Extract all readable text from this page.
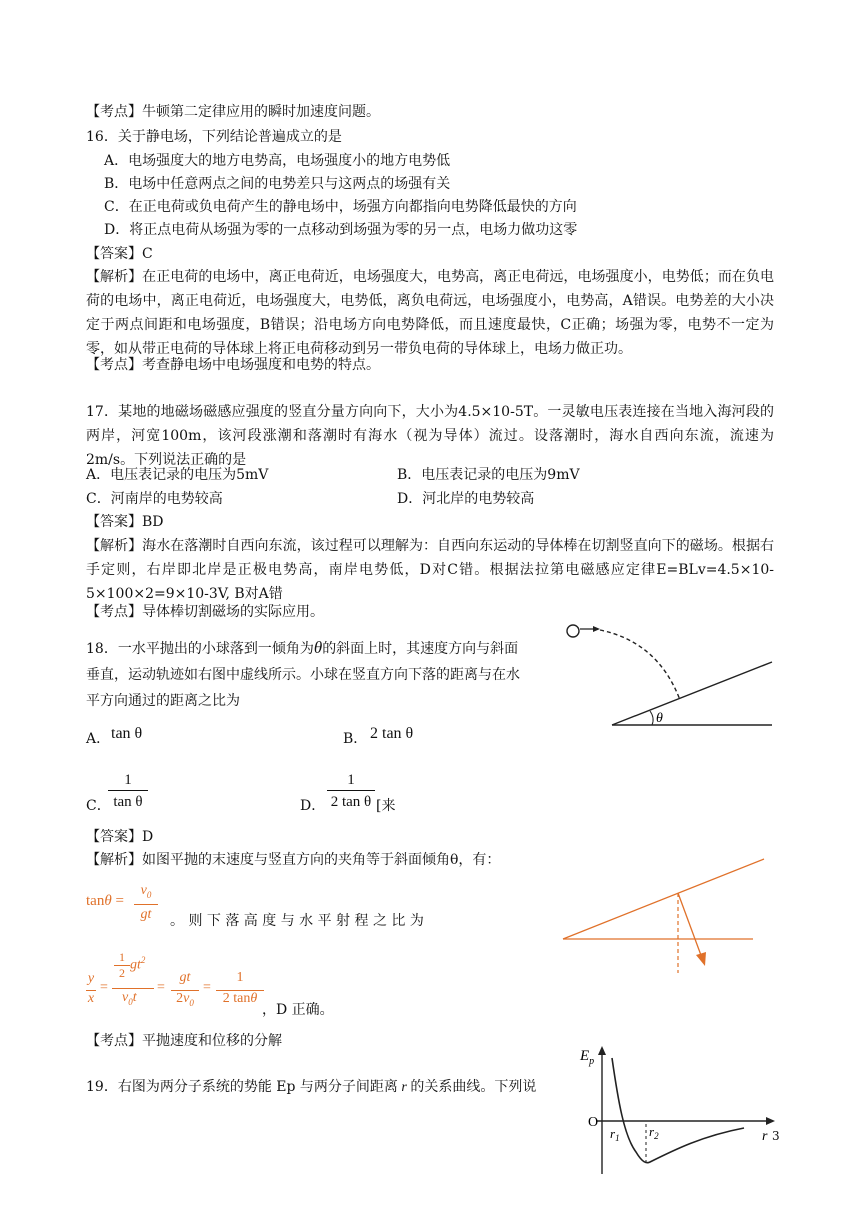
【考点】牛顿第二定律应用的瞬时加速度问题。
16．关于静电场，下列结论普遍成立的是
A．电场强度大的地方电势高，电场强度小的地方电势低
B．电场中任意两点之间的电势差只与这两点的场强有关
C．在正电荷或负电荷产生的静电场中，场强方向都指向电势降低最快的方向
D．将正点电荷从场强为零的一点移动到场强为零的另一点，电场力做功这零
【答案】C
【解析】在正电荷的电场中，离正电荷近，电场强度大，电势高，离正电荷远，电场强度小，电势低；而在负电荷的电场中，离正电荷近，电场强度大，电势低，离负电荷远，电场强度小，电势高，A错误。电势差的大小决定于两点间距和电场强度，B错误；沿电场方向电势降低，而且速度最快，C正确；场强为零，电势不一定为零，如从带正电荷的导体球上将正电荷移动到另一带负电荷的导体球上，电场力做正功。
【考点】考查静电场中电场强度和电势的特点。
17．某地的地磁场磁感应强度的竖直分量方向向下，大小为4.5×10-5T。一灵敏电压表连接在当地入海河段的两岸，河宽100m，该河段涨潮和落潮时有海水（视为导体）流过。设落潮时，海水自西向东流，流速为2m/s。下列说法正确的是
A．电压表记录的电压为5mV	B．电压表记录的电压为9mV
C．河南岸的电势较高	D．河北岸的电势较高
【答案】BD
【解析】海水在落潮时自西向东流，该过程可以理解为：自西向东运动的导体棒在切割竖直向下的磁场。根据右手定则，右岸即北岸是正极电势高，南岸电势低，D对C错。根据法拉第电磁感应定律E=BLv=4.5×10-5×100×2=9×10-3V, B对A错
【考点】导体棒切割磁场的实际应用。
18．一水平抛出的小球落到一倾角为θ的斜面上时，其速度方向与斜面
垂直，运动轨迹如右图中虚线所示。小球在竖直方向下落的距离与在水
平方向通过的距离之比为
θ
A． tan θ	B． 2 tan θ
C．
$\frac{1}{\text{tan θ}}$	D． $\frac{1}{\text{2 tan θ}}$ [来
【答案】D
【解析】如图平抛的末速度与竖直方向的夹角等于斜面倾角θ，有：
$\tan\theta = \frac{v_0}{gt}$ 。 则 下 落 高 度 与 水 平 射 程 之 比 为
y
x
=
1
2
$gt^2$
$v_0t$
=
gt
$2v_0$
=
1
2 tanθ
，D 正确。
【考点】平抛速度和位移的分解
19．右图为两分子系统的势能 Ep 与两分子间距离 r 的关系曲线。下列说
$E_p$
O
$r_1$ $r_2$	r 3
